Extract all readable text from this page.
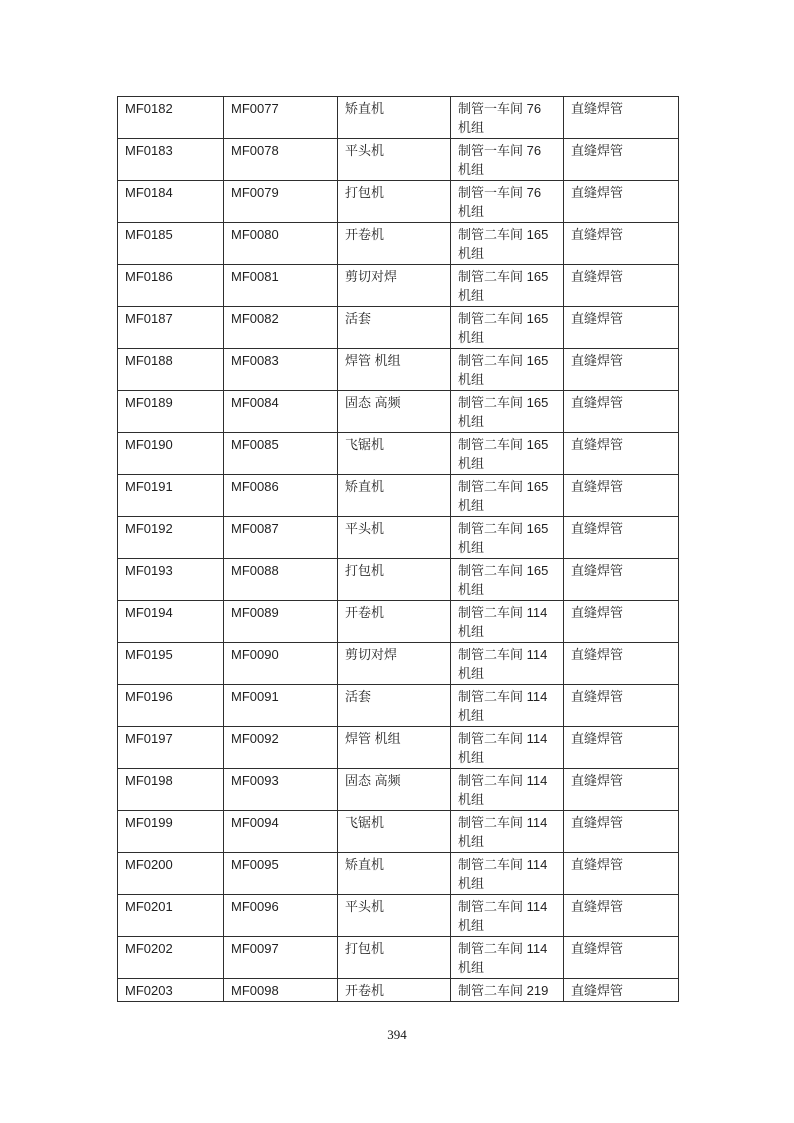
MF0182	MF0077	矫直机	制管一车间 76
机组	直缝焊管
MF0183	MF0078	平头机	制管一车间 76
机组	直缝焊管
MF0184	MF0079	打包机	制管一车间 76
机组	直缝焊管
MF0185	MF0080	开卷机	制管二车间 165
机组	直缝焊管
MF0186	MF0081	剪切对焊	制管二车间 165
机组	直缝焊管
MF0187	MF0082	活套	制管二车间 165
机组	直缝焊管
MF0188	MF0083	焊管 机组	制管二车间 165
机组	直缝焊管
MF0189	MF0084	固态 高频	制管二车间 165
机组	直缝焊管
MF0190	MF0085	飞锯机	制管二车间 165
机组	直缝焊管
MF0191	MF0086	矫直机	制管二车间 165
机组	直缝焊管
MF0192	MF0087	平头机	制管二车间 165
机组	直缝焊管
MF0193	MF0088	打包机	制管二车间 165
机组	直缝焊管
MF0194	MF0089	开卷机	制管二车间 114
机组	直缝焊管
MF0195	MF0090	剪切对焊	制管二车间 114
机组	直缝焊管
MF0196	MF0091	活套	制管二车间 114
机组	直缝焊管
MF0197	MF0092	焊管 机组	制管二车间 114
机组	直缝焊管
MF0198	MF0093	固态 高频	制管二车间 114
机组	直缝焊管
MF0199	MF0094	飞锯机	制管二车间 114
机组	直缝焊管
MF0200	MF0095	矫直机	制管二车间 114
机组	直缝焊管
MF0201	MF0096	平头机	制管二车间 114
机组	直缝焊管
MF0202	MF0097	打包机	制管二车间 114
机组	直缝焊管
MF0203	MF0098	开卷机	制管二车间 219	直缝焊管
394
